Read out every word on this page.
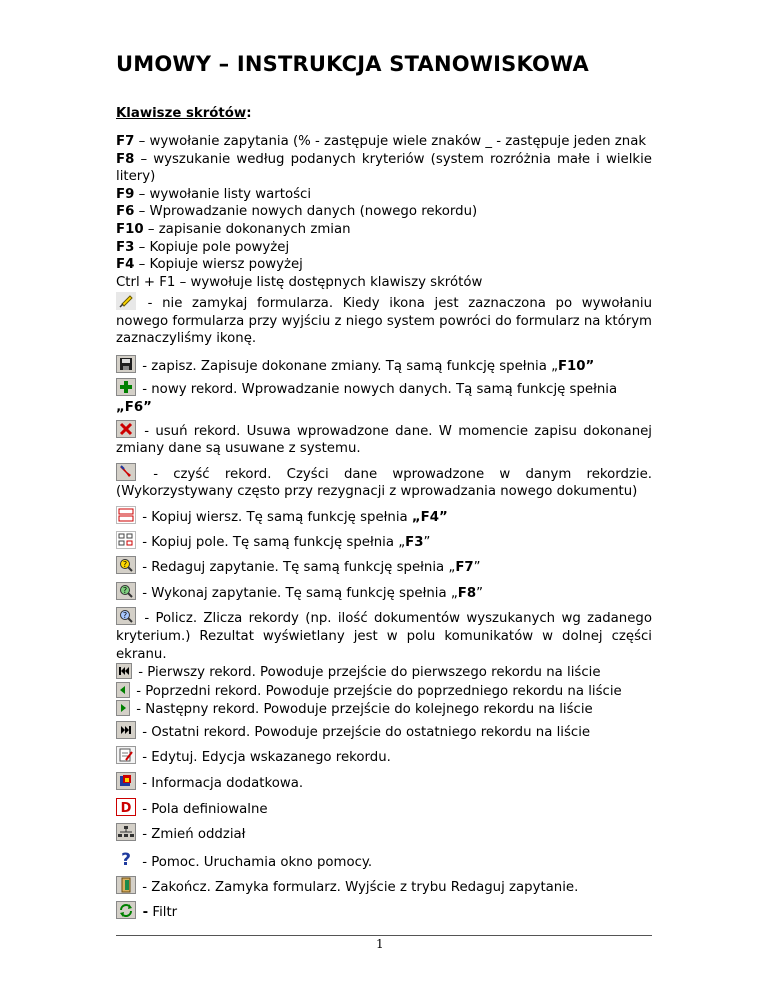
UMOWY – INSTRUKCJA STANOWISKOWA
Klawisze skrótów:
F7 – wywołanie zapytania (% - zastępuje wiele znaków _ - zastępuje jeden znak
F8 – wyszukanie według podanych kryteriów (system rozróżnia małe i wielkie litery)
F9 – wywołanie listy wartości
F6 – Wprowadzanie nowych danych (nowego rekordu)
F10 – zapisanie dokonanych zmian
F3 – Kopiuje pole powyżej
F4 – Kopiuje wiersz powyżej
Ctrl + F1 – wywołuje listę dostępnych klawiszy skrótów

- nie zamykaj formularza. Kiedy ikona jest zaznaczona po wywołaniu nowego formularza przy wyjściu z niego system powróci do formularz na którym zaznaczyliśmy ikonę.

- zapisz. Zapisuje dokonane zmiany. Tą samą funkcję spełnia „F10”

- nowy rekord. Wprowadzanie nowych danych. Tą samą funkcję spełnia „F6”

- usuń rekord. Usuwa wprowadzone dane. W momencie zapisu dokonanej zmiany dane są usuwane z systemu.

- czyść rekord. Czyści dane wprowadzone w danym rekordzie. (Wykorzystywany często przy rezygnacji z wprowadzania nowego dokumentu)

- Kopiuj wiersz. Tę samą funkcję spełnia „F4”

- Kopiuj pole. Tę samą funkcję spełnia „F3”

? - Redaguj zapytanie. Tę samą funkcję spełnia „F7”

? - Wykonaj zapytanie. Tę samą funkcję spełnia „F8”

? - Policz. Zlicza rekordy (np. ilość dokumentów wyszukanych wg zadanego kryterium.) Rezultat wyświetlany jest w polu komunikatów w dolnej części ekranu.

- Pierwszy rekord. Powoduje przejście do pierwszego rekordu na liście

- Poprzedni rekord. Powoduje przejście do poprzedniego rekordu na liście

- Następny rekord. Powoduje przejście do kolejnego rekordu na liście

- Ostatni rekord. Powoduje przejście do ostatniego rekordu na liście

- Edytuj. Edycja wskazanego rekordu.

- Informacja dodatkowa.

D - Pola definiowalne

- Zmień oddział

? - Pomoc. Uruchamia okno pomocy.

- Zakończ. Zamyka formularz. Wyjście z trybu Redaguj zapytanie.

- Filtr

1
